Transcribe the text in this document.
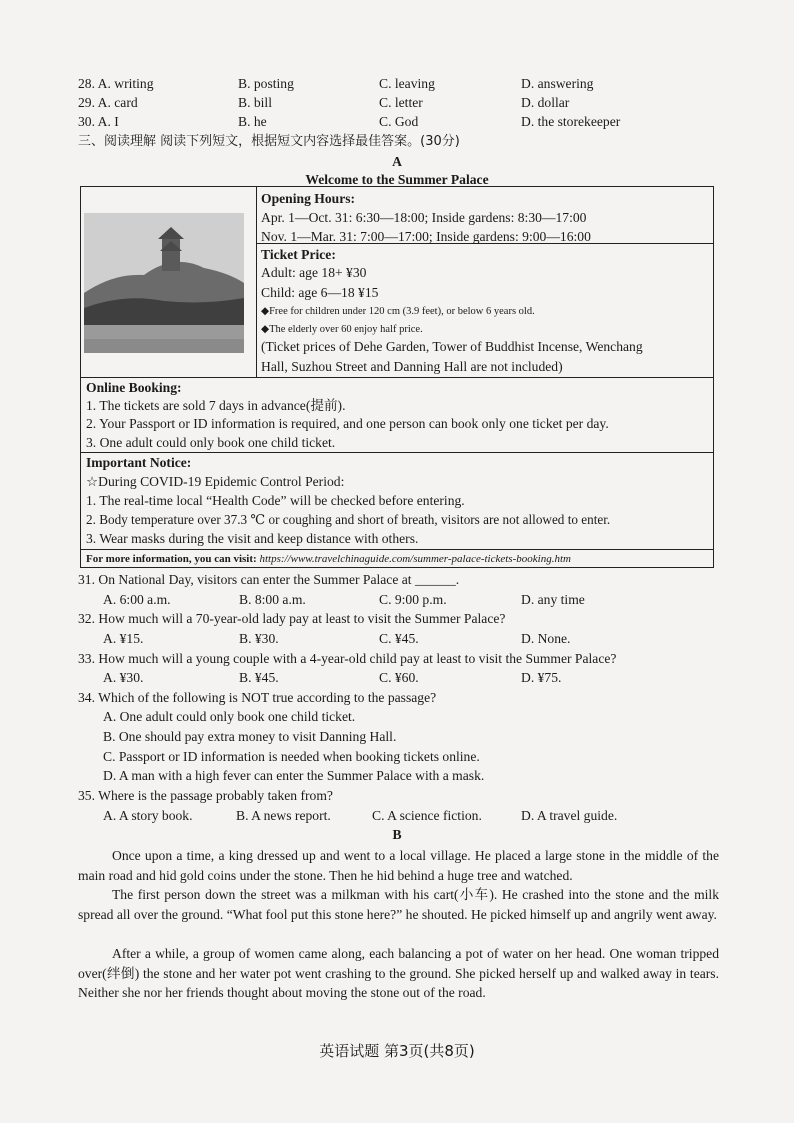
28. A. writing	B. posting	C. leaving	D. answering
29. A. card	B. bill	C. letter	D. dollar
30. A. I	B. he	C. God	D. the storekeeper
三、阅读理解 阅读下列短文，根据短文内容选择最佳答案。(30分)
A
Welcome to the Summer Palace
Opening Hours:
Apr. 1—Oct. 31: 6:30—18:00; Inside gardens: 8:30—17:00
Nov. 1—Mar. 31: 7:00—17:00; Inside gardens: 9:00—16:00
Ticket Price:
Adult: age 18+ ¥30
Child: age 6—18 ¥15
◆Free for children under 120 cm (3.9 feet), or below 6 years old.
◆The elderly over 60 enjoy half price.
(Ticket prices of Dehe Garden, Tower of Buddhist Incense, Wenchang
Hall, Suzhou Street and Danning Hall are not included)
Online Booking:
1. The tickets are sold 7 days in advance(提前).
2. Your Passport or ID information is required, and one person can book only one ticket per day.
3. One adult could only book one child ticket.
Important Notice:
☆During COVID-19 Epidemic Control Period:
1. The real-time local “Health Code” will be checked before entering.
2. Body temperature over 37.3 ℃ or coughing and short of breath, visitors are not allowed to enter.
3. Wear masks during the visit and keep distance with others.
For more information, you can visit: https://www.travelchinaguide.com/summer-palace-tickets-booking.htm
31. On National Day, visitors can enter the Summer Palace at ______.
A. 6:00 a.m.	B. 8:00 a.m.	C. 9:00 p.m.	D. any time
32. How much will a 70-year-old lady pay at least to visit the Summer Palace?
A. ¥15.	B. ¥30.	C. ¥45.	D. None.
33. How much will a young couple with a 4-year-old child pay at least to visit the Summer Palace?
A. ¥30.	B. ¥45.	C. ¥60.	D. ¥75.
34. Which of the following is NOT true according to the passage?
A. One adult could only book one child ticket.
B. One should pay extra money to visit Danning Hall.
C. Passport or ID information is needed when booking tickets online.
D. A man with a high fever can enter the Summer Palace with a mask.
35. Where is the passage probably taken from?
A. A story book.	B. A news report.	C. A science fiction.	D. A travel guide.
B
Once upon a time, a king dressed up and went to a local village. He placed a large stone in the middle of the main road and hid gold coins under the stone. Then he hid behind a huge tree and watched.
The first person down the street was a milkman with his cart(小车). He crashed into the stone and the milk spread all over the ground. “What fool put this stone here?” he shouted. He picked himself up and angrily went away.
After a while, a group of women came along, each balancing a pot of water on her head. One woman tripped over(绊倒) the stone and her water pot went crashing to the ground. She picked herself up and walked away in tears. Neither she nor her friends thought about moving the stone out of the road.
英语试题 第3页(共8页)
